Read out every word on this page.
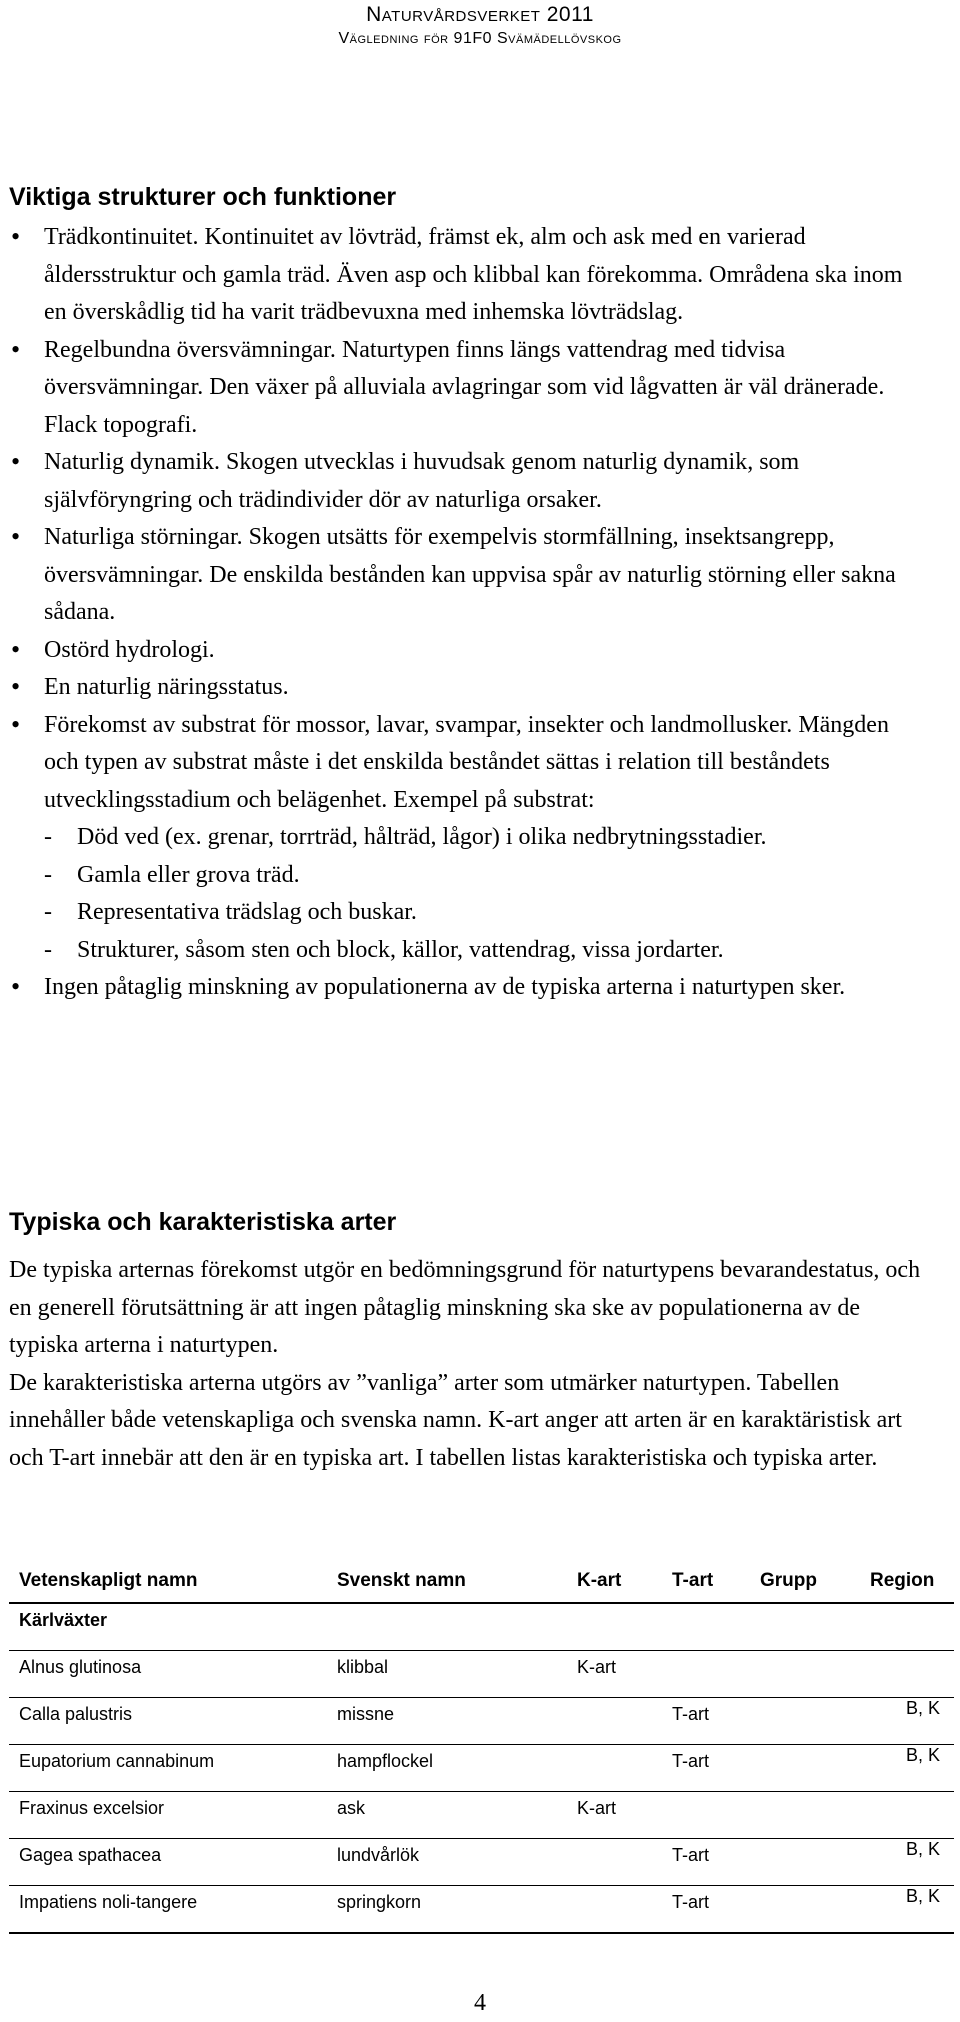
Naturvårdsverket 2011
Vägledning för 91F0 Svämädellövskog
Viktiga strukturer och funktioner
• Trädkontinuitet. Kontinuitet av lövträd, främst ek, alm och ask med en varierad åldersstruktur och gamla träd. Även asp och klibbal kan förekomma. Områdena ska inom en överskådlig tid ha varit trädbevuxna med inhemska lövträdslag.
• Regelbundna översvämningar. Naturtypen finns längs vattendrag med tidvisa översvämningar. Den växer på alluviala avlagringar som vid lågvatten är väl dränerade. Flack topografi.
• Naturlig dynamik. Skogen utvecklas i huvudsak genom naturlig dynamik, som självföryngring och trädindivider dör av naturliga orsaker.
• Naturliga störningar. Skogen utsätts för exempelvis stormfällning, insektsangrepp, översvämningar. De enskilda bestånden kan uppvisa spår av naturlig störning eller sakna sådana.
• Ostörd hydrologi.
• En naturlig näringsstatus.
• Förekomst av substrat för mossor, lavar, svampar, insekter och landmollusker. Mängden och typen av substrat måste i det enskilda beståndet sättas i relation till beståndets utvecklingsstadium och belägenhet. Exempel på substrat:
- Död ved (ex. grenar, torrträd, hålträd, lågor) i olika nedbrytningsstadier.
- Gamla eller grova träd.
- Representativa trädslag och buskar.
- Strukturer, såsom sten och block, källor, vattendrag, vissa jordarter.
• Ingen påtaglig minskning av populationerna av de typiska arterna i naturtypen sker.
Typiska och karakteristiska arter

De typiska arternas förekomst utgör en bedömningsgrund för naturtypens bevarandestatus, och en generell förutsättning är att ingen påtaglig minskning ska ske av populationerna av de typiska arterna i naturtypen.

De karakteristiska arterna utgörs av ”vanliga” arter som utmärker naturtypen. Tabellen innehåller både vetenskapliga och svenska namn. K-art anger att arten är en karaktäristisk art och T-art innebär att den är en typiska art. I tabellen listas karakteristiska och typiska arter.

Vetenskapligt namn	Svenskt namn	K-art	T-art	Grupp	Region
Kärlväxter					
Alnus glutinosa	klibbal	K-art			
Calla palustris	missne		T-art		B, K
Eupatorium cannabinum	hampflockel		T-art		B, K
Fraxinus excelsior	ask	K-art			
Gagea spathacea	lundvårlök		T-art		B, K
Impatiens noli-tangere	springkorn		T-art		B, K
4
